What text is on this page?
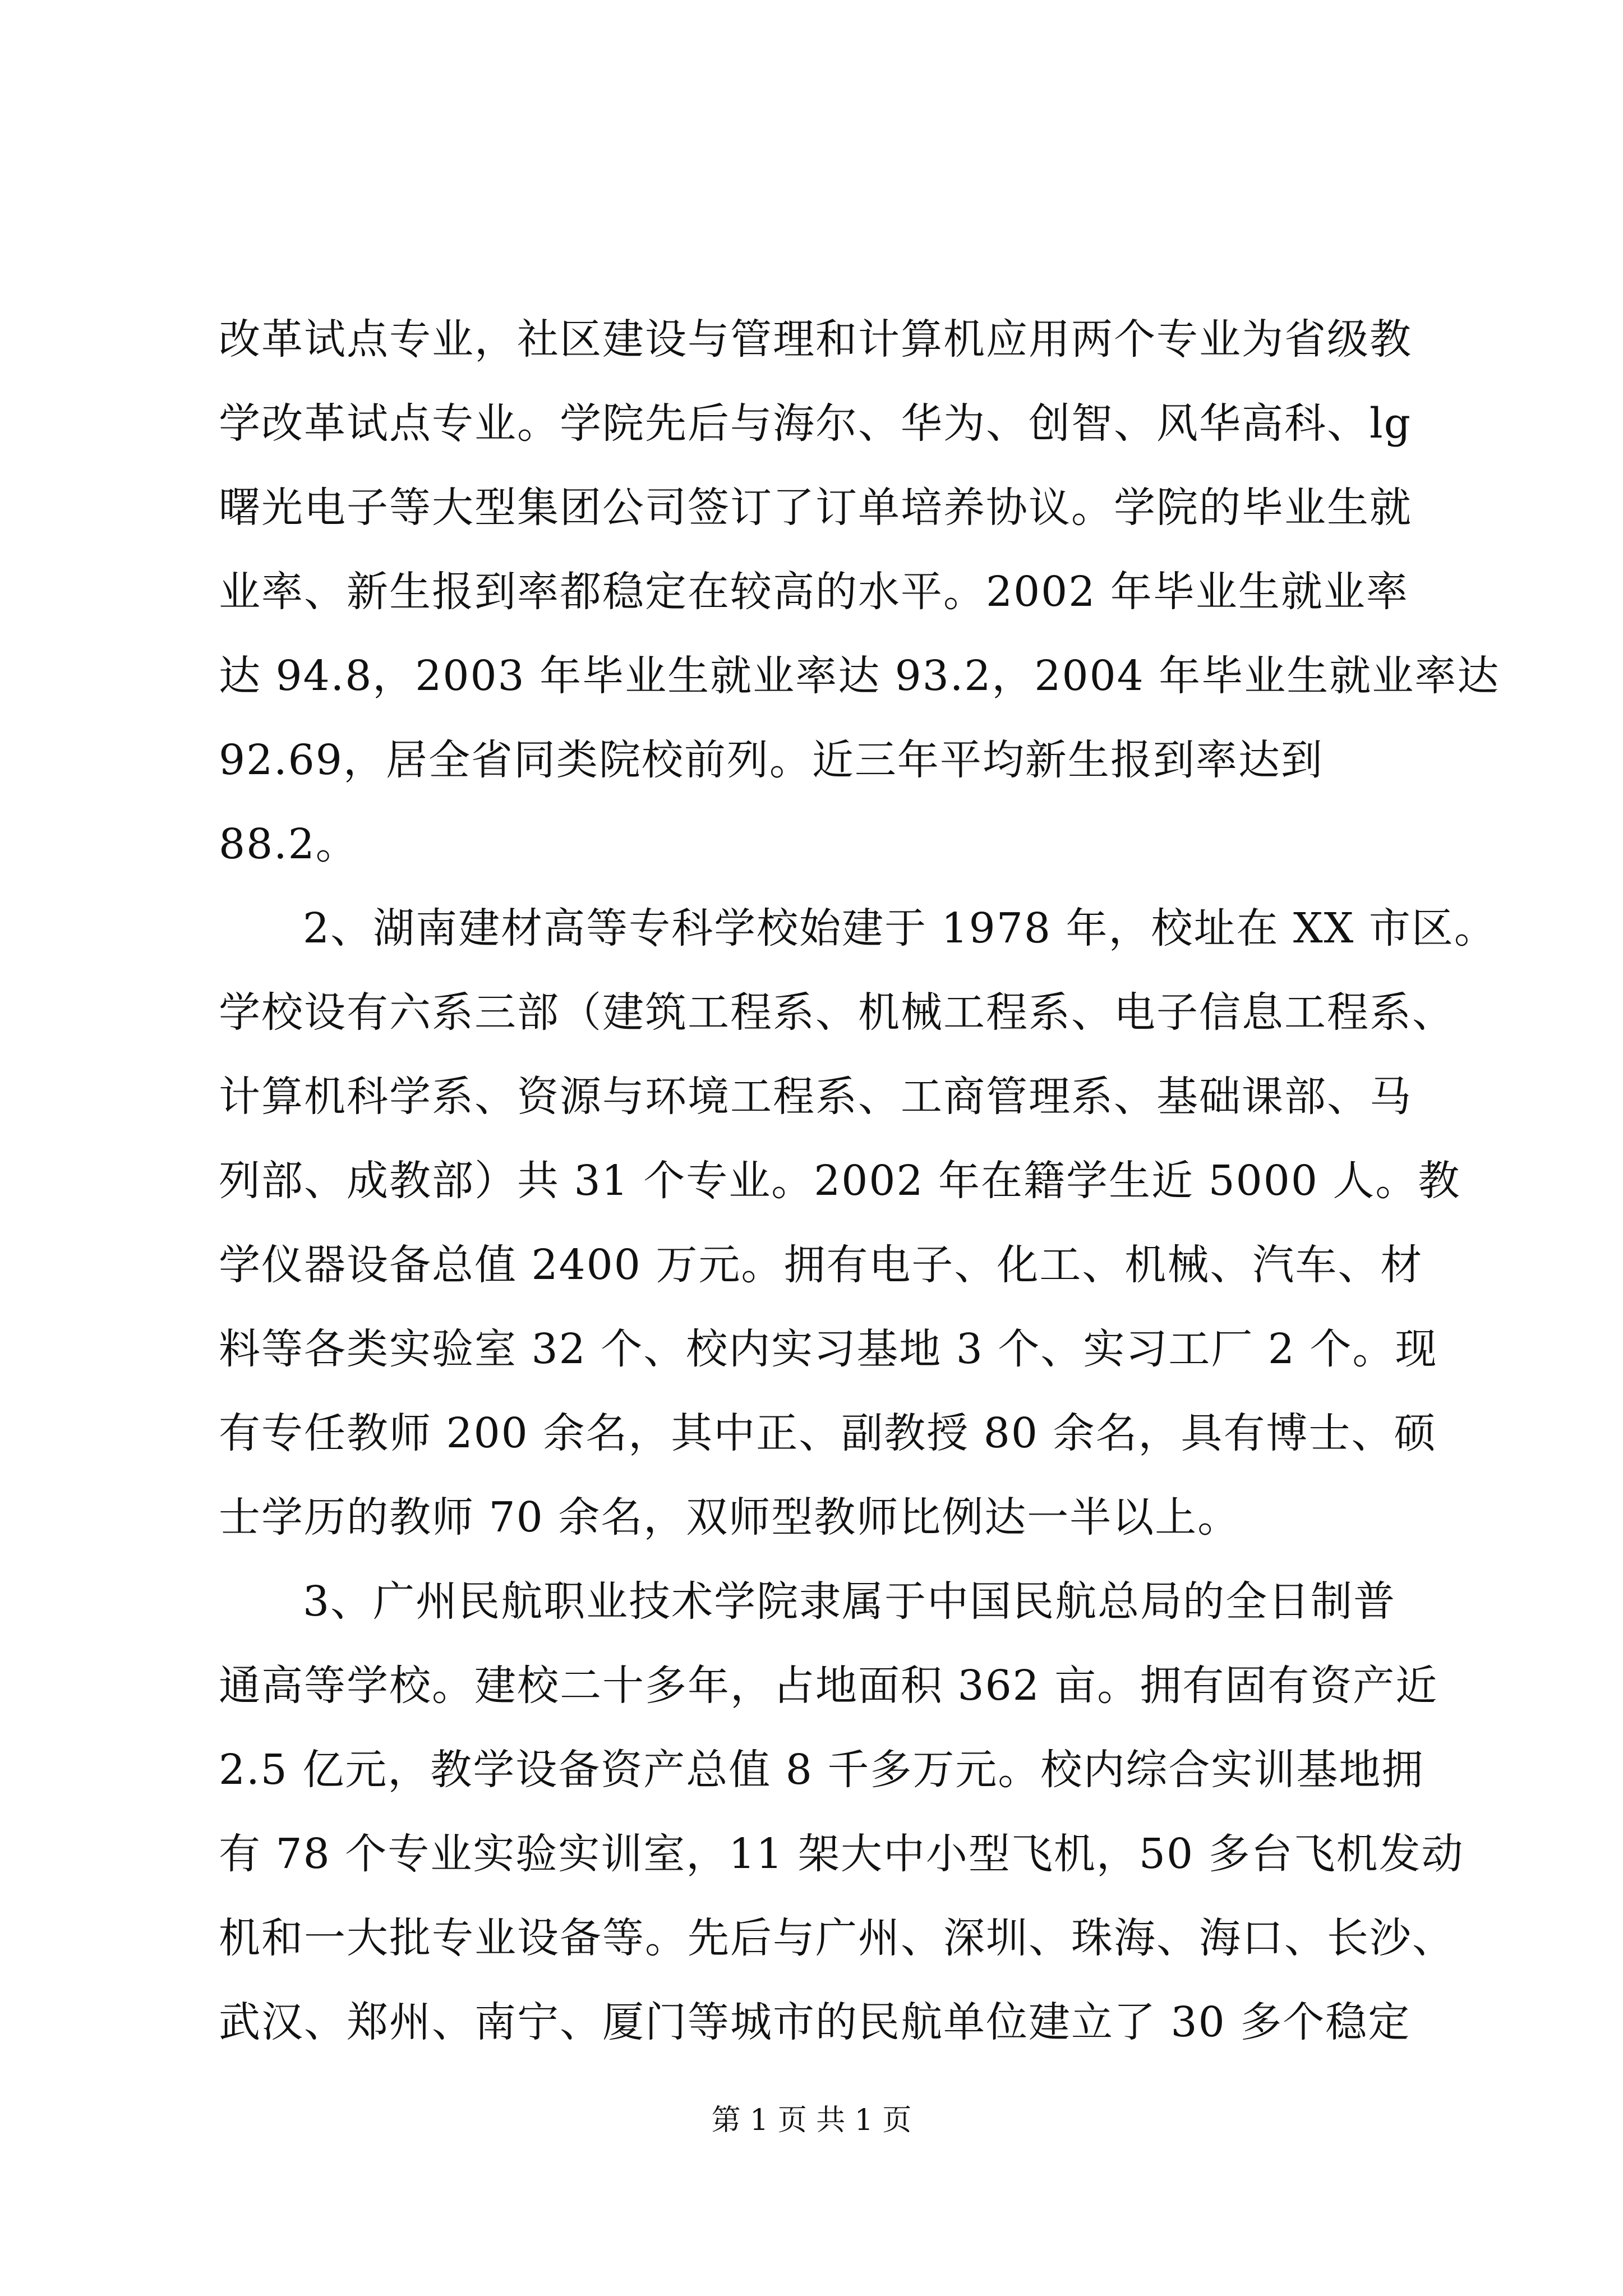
改革试点专业，社区建设与管理和计算机应用两个专业为省级教
学改革试点专业。学院先后与海尔、华为、创智、风华高科、lg
曙光电子等大型集团公司签订了订单培养协议。学院的毕业生就
业率、新生报到率都稳定在较高的水平。2002 年毕业生就业率
达 94.8，2003 年毕业生就业率达 93.2，2004 年毕业生就业率达
92.69，居全省同类院校前列。近三年平均新生报到率达到
88.2。
2、湖南建材高等专科学校始建于 1978 年，校址在 XX 市区。
学校设有六系三部（建筑工程系、机械工程系、电子信息工程系、
计算机科学系、资源与环境工程系、工商管理系、基础课部、马
列部、成教部）共 31 个专业。2002 年在籍学生近 5000 人。教
学仪器设备总值 2400 万元。拥有电子、化工、机械、汽车、材
料等各类实验室 32 个、校内实习基地 3 个、实习工厂 2 个。现
有专任教师 200 余名，其中正、副教授 80 余名，具有博士、硕
士学历的教师 70 余名，双师型教师比例达一半以上。
3、广州民航职业技术学院隶属于中国民航总局的全日制普
通高等学校。建校二十多年，占地面积 362 亩。拥有固有资产近
2.5 亿元，教学设备资产总值 8 千多万元。校内综合实训基地拥
有 78 个专业实验实训室，11 架大中小型飞机，50 多台飞机发动
机和一大批专业设备等。先后与广州、深圳、珠海、海口、长沙、
武汉、郑州、南宁、厦门等城市的民航单位建立了 30 多个稳定
第 1 页 共 1 页
